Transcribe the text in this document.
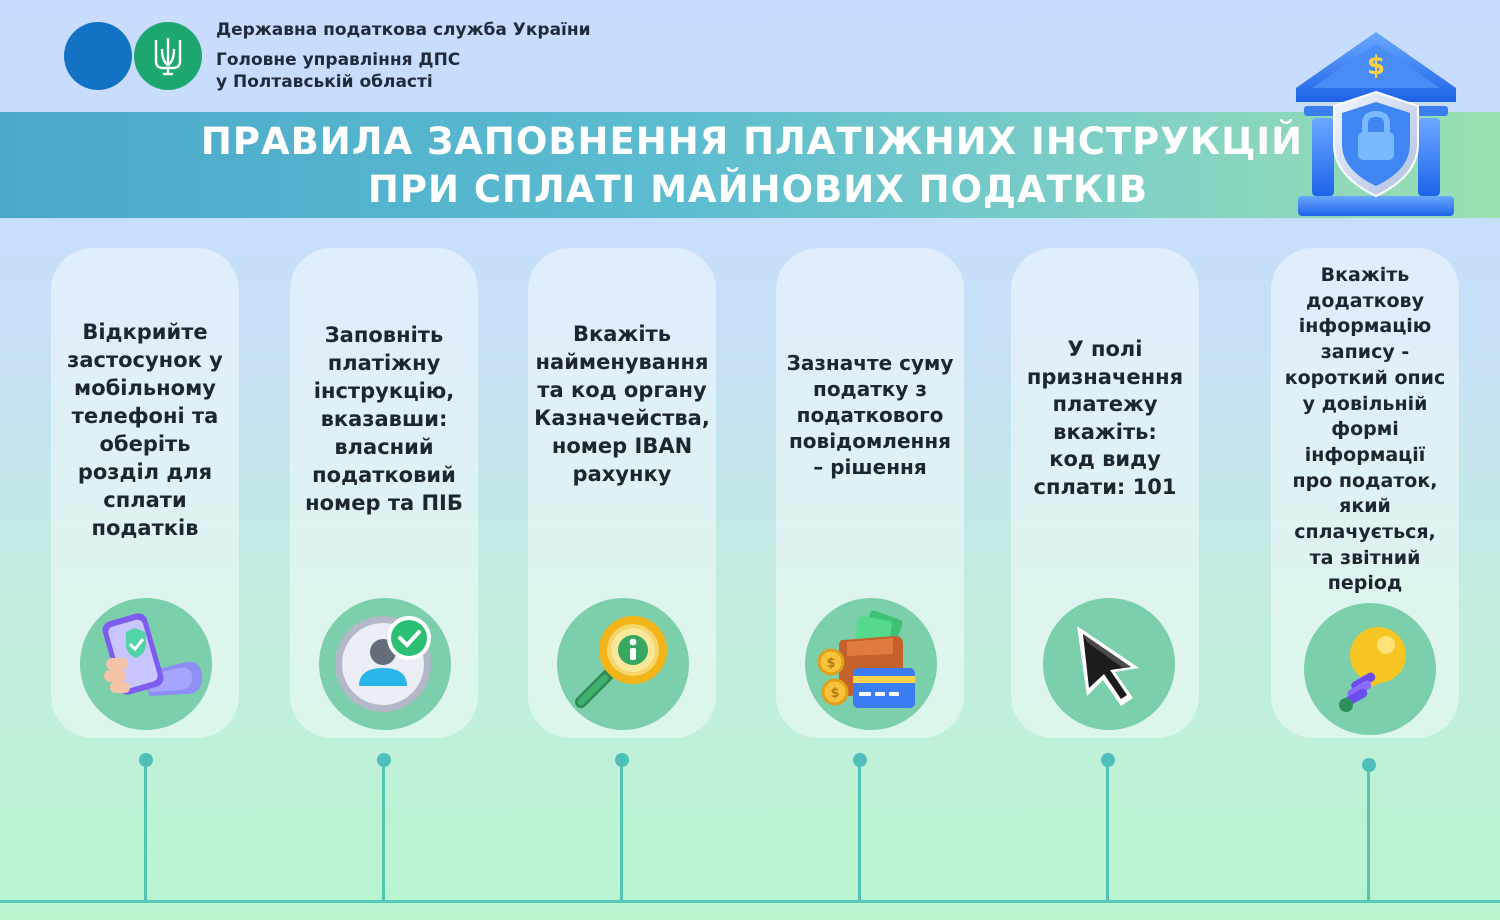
Державна податкова служба України
Головне управління ДПС
у Полтавській області
ПРАВИЛА ЗАПОВНЕННЯ ПЛАТІЖНИХ ІНСТРУКЦІЙ
ПРИ СПЛАТІ МАЙНОВИХ ПОДАТКІВ
$
Відкрийте
застосунок у
мобільному
телефоні та
оберіть
розділ для
сплати
податків
Заповніть
платіжну
інструкцію,
вказавши:
власний
податковий
номер та ПІБ
Вкажіть
найменування
та код органу
Казначейства,
номер IBAN
рахунку
Зазначте суму
податку з
податкового
повідомлення
– рішення
$
$
У полі
призначення
платежу
вкажіть:
код виду
сплати: 101
Вкажіть
додаткову
інформацію
запису -
короткий опис
у довільній
формі
інформації
про податок,
який
сплачується,
та звітний
період
